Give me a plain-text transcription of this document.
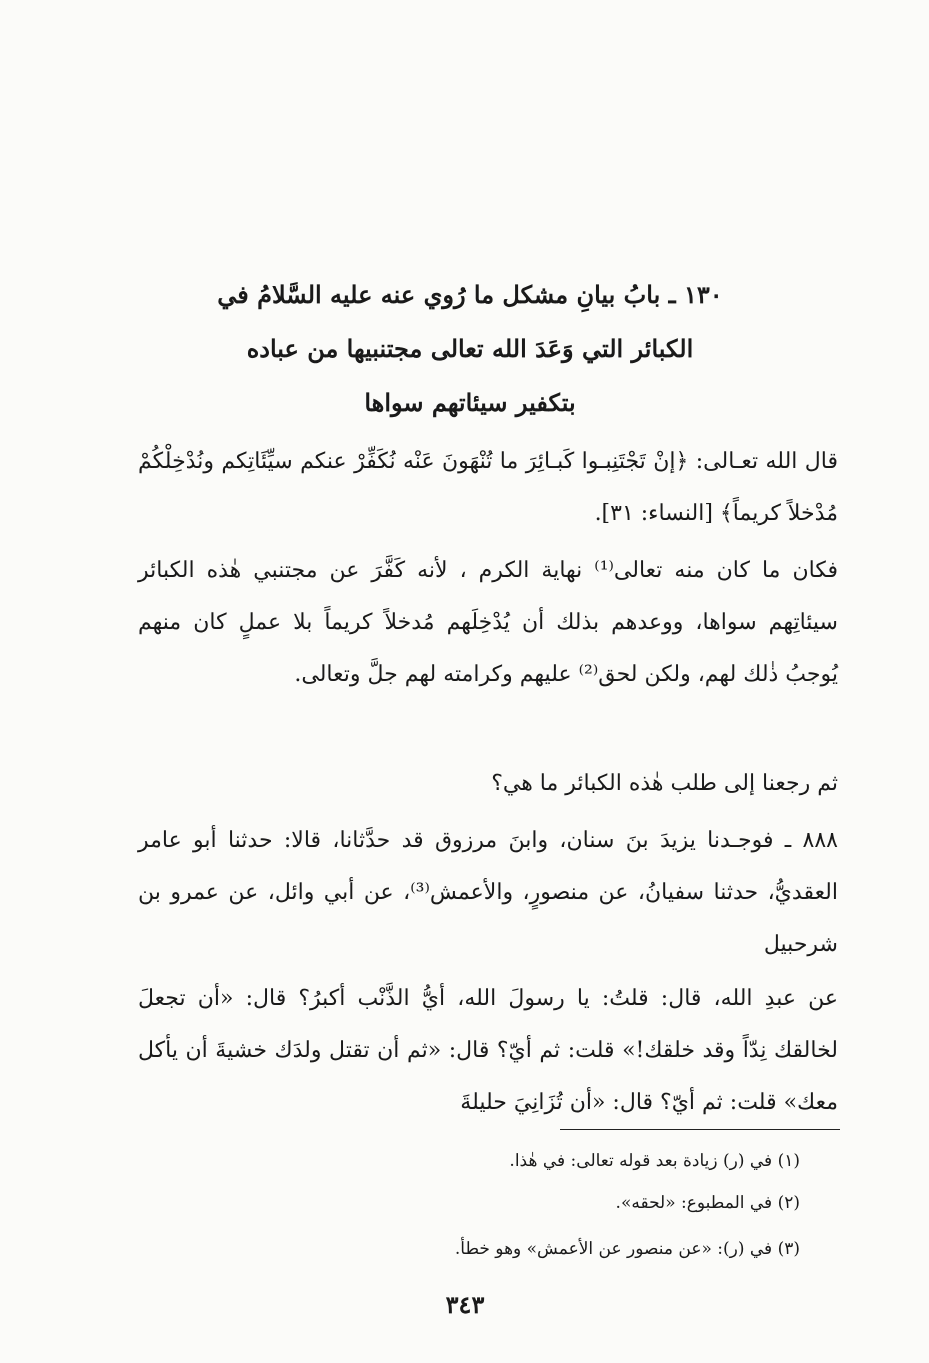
١٣٠ ـ بابُ بيانِ مشكل ما رُوي عنه عليه السَّلامُ في
الكبائر التي وَعَدَ الله تعالى مجتنبيها من عباده
بتكفير سيئاتهم سواها
قال الله تعـالى: ﴿إنْ تَجْتَنِبـوا كَبـائِرَ ما تُنْهَونَ عَنْه نُكَفِّرْ عنكم سيِّئَاتِكم ونُدْخِلْكُمْ مُدْخلاً كريماً﴾ [النساء: ٣١].
فكان ما كان منه تعالى⁽¹⁾ نهاية الكرم ، لأنه كَفَّرَ عن مجتنبي هٰذه الكبائر سيئاتِهم سواها، ووعدهم بذلك أن يُدْخِلَهم مُدخلاً كريماً بلا عملٍ كان منهم يُوجبُ ذٰلك لهم، ولكن لحق⁽²⁾ عليهم وكرامته لهم جلَّ وتعالى.
ثم رجعنا إلى طلب هٰذه الكبائر ما هي؟
٨٨٨ ـ فوجـدنا يزيدَ بنَ سنان، وابنَ مرزوق قد حدَّثانا، قالا: حدثنا أبو عامر العقديُّ، حدثنا سفيانُ، عن منصورٍ، والأعمش⁽³⁾، عن أبي وائل، عن عمرو بن شرحبيل
عن عبدِ الله، قال: قلتُ: يا رسولَ الله، أيُّ الذَّنْب أكبرُ؟ قال: «أن تجعلَ لخالقك نِدّاً وقد خلقك!» قلت: ثم أيّ؟ قال: «ثم أن تقتل ولدَك خشيةَ أن يأكل معك» قلت: ثم أيّ؟ قال: «أن تُزَانِيَ حليلةَ
(١) في (ر) زيادة بعد قوله تعالى: في هٰذا.
(٢) في المطبوع: «لحقه».
(٣) في (ر): «عن منصور عن الأعمش» وهو خطأ.
٣٤٣
